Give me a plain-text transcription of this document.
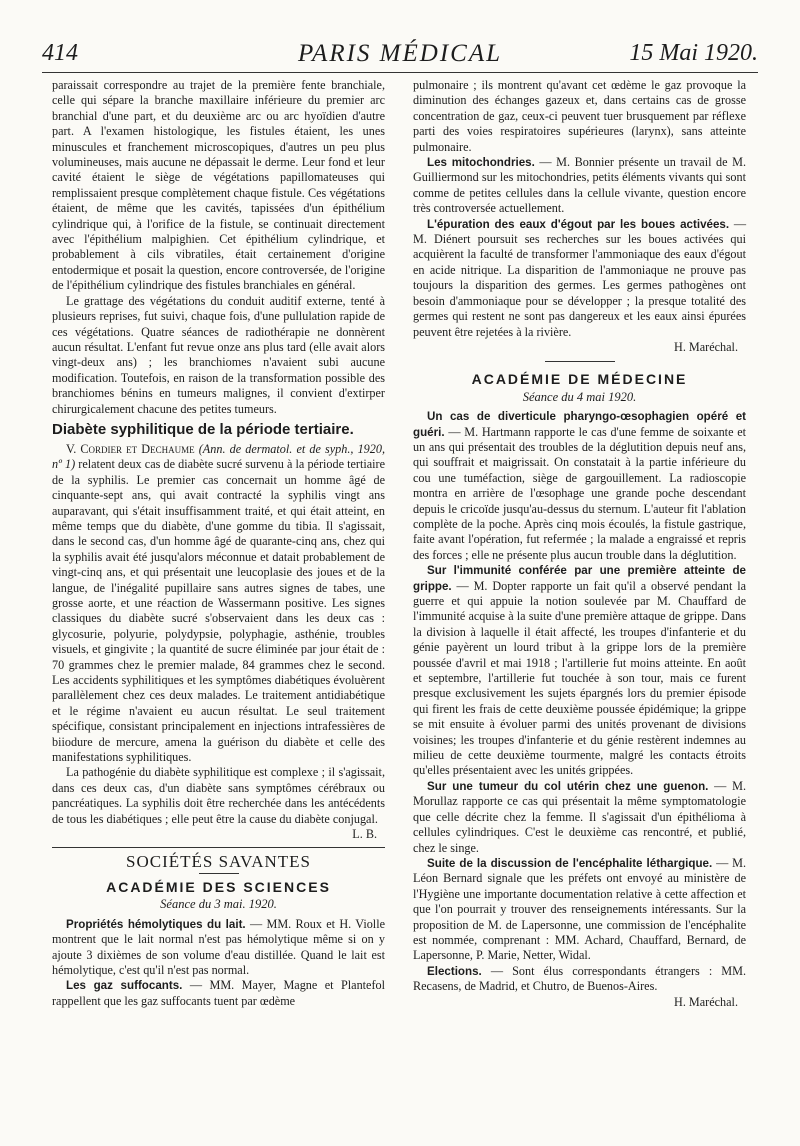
414	PARIS MÉDICAL	15 Mai 1920.

paraissait correspondre au trajet de la première fente branchiale, celle qui sépare la branche maxillaire inférieure du premier arc branchial d'une part, et du deuxième arc ou arc hyoïdien d'autre part. A l'examen histologique, les fistules étaient, les unes minuscules et franchement microscopiques, d'autres un peu plus volumineuses, mais aucune ne dépassait le derme. Leur fond et leur cavité étaient le siège de végétations papillomateuses qui remplissaient presque complètement chaque fistule. Ces végétations étaient, de même que les cavités, tapissées d'un épithélium cylindrique qui, à l'orifice de la fistule, se continuait directement avec l'épithélium malpighien. Cet épithélium cylindrique, et probablement à cils vibratiles, était certainement d'origine entodermique et posait la question, encore controversée, de l'origine de l'épithélium cylindrique des fistules branchiales en général.

Le grattage des végétations du conduit auditif externe, tenté à plusieurs reprises, fut suivi, chaque fois, d'une pullulation rapide de ces végétations. Quatre séances de radiothérapie ne donnèrent aucun résultat. L'enfant fut revue onze ans plus tard (elle avait alors vingt-deux ans) ; les branchiomes n'avaient subi aucune modification. Toutefois, en raison de la transformation possible des branchiomes bénins en tumeurs malignes, il convient d'extirper chirurgicalement chacune des petites tumeurs.

Diabète syphilitique de la période tertiaire.

V. Cordier et Dechaume (Ann. de dermatol. et de syph., 1920, nº 1) relatent deux cas de diabète sucré survenu à la période tertiaire de la syphilis. Le premier cas concernait un homme âgé de cinquante-sept ans, qui avait contracté la syphilis vingt ans auparavant, qui s'était insuffisamment traité, et qui était atteint, en même temps que du diabète, d'une gomme du tibia. Il s'agissait, dans le second cas, d'un homme âgé de quarante-cinq ans, chez qui la syphilis avait été jusqu'alors méconnue et datait probablement de vingt-cinq ans, et qui présentait une leucoplasie des joues et de la langue, de l'inégalité pupillaire sans autres signes de tabes, une grosse aorte, et une réaction de Wassermann positive. Les signes classiques du diabète sucré s'observaient dans les deux cas : glycosurie, polyurie, polydypsie, polyphagie, asthénie, troubles visuels, et gingivite ; la quantité de sucre éliminée par jour était de : 70 grammes chez le premier malade, 84 grammes chez le second. Les accidents syphilitiques et les symptômes diabétiques évoluèrent parallèlement chez ces deux malades. Le traitement antidiabétique et le régime n'avaient eu aucun résultat. Le seul traitement spécifique, consistant principalement en injections intrafessières de biiodure de mercure, amena la guérison du diabète et celle des manifestations syphilitiques.

La pathogénie du diabète syphilitique est complexe ; il s'agissait, dans ces deux cas, d'un diabète sans symptômes cérébraux ou pancréatiques. La syphilis doit être recherchée dans les antécédents de tous les diabétiques ; elle peut être la cause du diabète conjugal.

L. B.
SOCIÉTÉS SAVANTES
ACADÉMIE DES SCIENCES
Séance du 3 mai. 1920.

Propriétés hémolytiques du lait. — MM. Roux et H. Violle montrent que le lait normal n'est pas hémolytique même si on y ajoute 3 dixièmes de son volume d'eau distillée. Quand le lait est hémolytique, c'est qu'il n'est pas normal.

Les gaz suffocants. — MM. Mayer, Magne et Plantefol rappellent que les gaz suffocants tuent par œdème

pulmonaire ; ils montrent qu'avant cet œdème le gaz provoque la diminution des échanges gazeux et, dans certains cas de grosse concentration de gaz, ceux-ci peuvent tuer brusquement par réflexe parti des voies respiratoires supérieures (larynx), sans atteinte pulmonaire.

Les mitochondries. — M. Bonnier présente un travail de M. Guilliermond sur les mitochondries, petits éléments vivants qui sont comme de petites cellules dans la cellule vivante, question encore très controversée actuellement.

L'épuration des eaux d'égout par les boues activées. — M. Diénert poursuit ses recherches sur les boues activées qui acquièrent la faculté de transformer l'ammoniaque des eaux d'égout en acide nitrique. La disparition de l'ammoniaque ne prouve pas toujours la disparition des germes. Les germes pathogènes ont besoin d'ammoniaque pour se développer ; la presque totalité des germes qui restent ne sont pas dangereux et les eaux ainsi épurées peuvent être rejetées à la rivière.

H. Maréchal.
ACADÉMIE DE MÉDECINE
Séance du 4 mai 1920.

Un cas de diverticule pharyngo-œsophagien opéré et guéri. — M. Hartmann rapporte le cas d'une femme de soixante et un ans qui présentait des troubles de la déglutition depuis neuf ans, qui souffrait et maigrissait. On constatait à la partie inférieure du cou une tuméfaction, siège de gargouillement. La radioscopie montra en arrière de l'œsophage une grande poche descendant depuis le cricoïde jusqu'au-dessus du sternum. L'auteur fit l'ablation complète de la poche. Après cinq mois écoulés, la fistule gastrique, faite avant l'opération, fut refermée ; la malade a engraissé et repris des forces ; elle ne présente plus aucun trouble dans la déglutition.

Sur l'immunité conférée par une première atteinte de grippe. — M. Dopter rapporte un fait qu'il a observé pendant la guerre et qui appuie la notion soulevée par M. Chauffard de l'immunité acquise à la suite d'une première attaque de grippe. Dans la division à laquelle il était affecté, les troupes d'infanterie et du génie payèrent un lourd tribut à la grippe lors de la première poussée d'avril et mai 1918 ; l'artillerie fut moins atteinte. En août et septembre, l'artillerie fut touchée à son tour, mais ce furent presque exclusivement les sujets épargnés lors du premier épisode qui firent les frais de cette deuxième poussée épidémique; la grippe se mit ensuite à évoluer parmi des unités provenant de divisions voisines; les troupes d'infanterie et du génie restèrent indemnes au milieu de cette deuxième tourmente, malgré les contacts étroits qu'elles présentaient avec les unités grippées.

Sur une tumeur du col utérin chez une guenon. — M. Morullaz rapporte ce cas qui présentait la même symptomatologie que celle décrite chez la femme. Il s'agissait d'un épithélioma à cellules cylindriques. C'est le deuxième cas rencontré, et publié, chez le singe.

Suite de la discussion de l'encéphalite léthargique. — M. Léon Bernard signale que les préfets ont envoyé au ministère de l'Hygiène une importante documentation relative à cette affection et que l'on pourrait y trouver des renseignements intéressants. Sur la proposition de M. de Lapersonne, une commission de l'encéphalite est nommée, comprenant : MM. Achard, Chauffard, Bernard, de Lapersonne, P. Marie, Netter, Widal.

Elections. — Sont élus correspondants étrangers : MM. Recasens, de Madrid, et Chutro, de Buenos-Aires.

H. Maréchal.
